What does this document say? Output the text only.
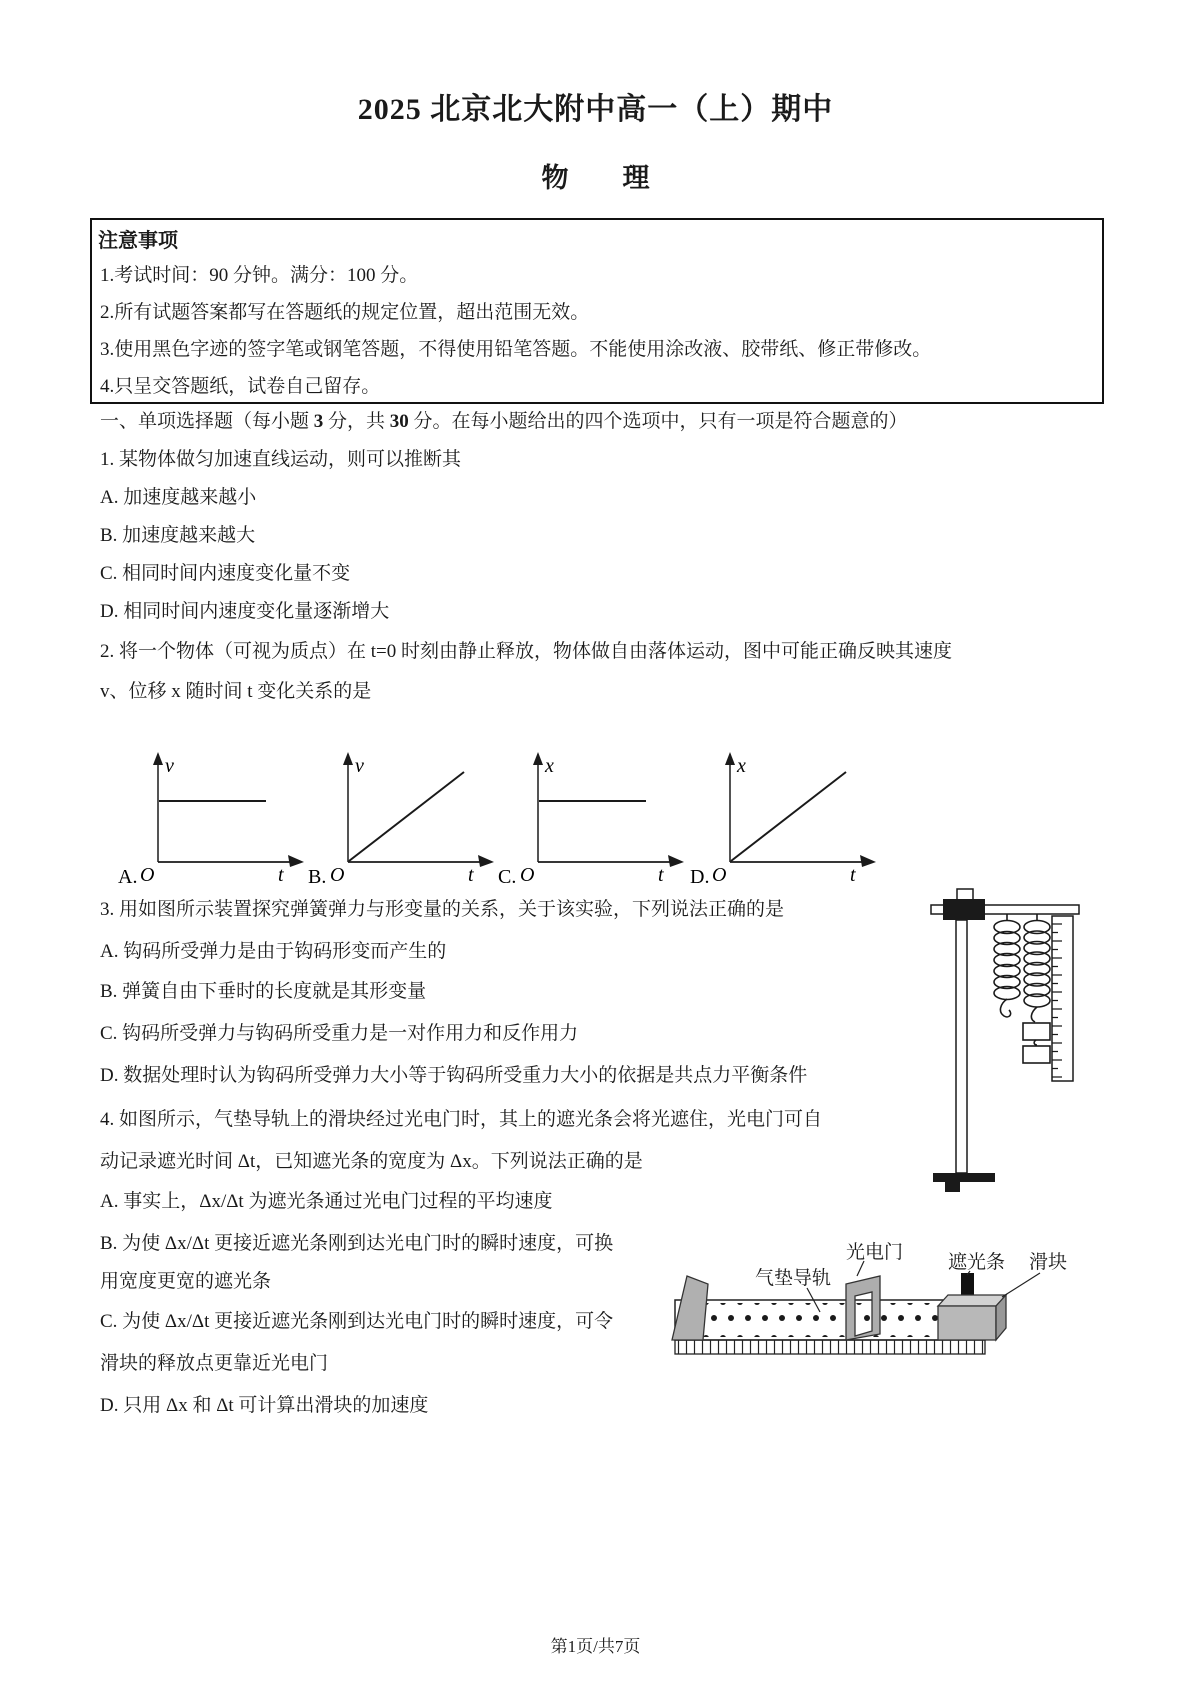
2025 北京北大附中高一（上）期中
物　　理
注意事项
1.考试时间：90 分钟。满分：100 分。
2.所有试题答案都写在答题纸的规定位置，超出范围无效。
3.使用黑色字迹的签字笔或钢笔答题，不得使用铅笔答题。不能使用涂改液、胶带纸、修正带修改。
4.只呈交答题纸，试卷自己留存。
一、单项选择题（每小题 3 分，共 30 分。在每小题给出的四个选项中，只有一项是符合题意的）
1. 某物体做匀加速直线运动，则可以推断其
A. 加速度越来越小
B. 加速度越来越大
C. 相同时间内速度变化量不变
D. 相同时间内速度变化量逐渐增大
2. 将一个物体（可视为质点）在 t=0 时刻由静止释放，物体做自由落体运动，图中可能正确反映其速度
v、位移 x 随时间 t 变化关系的是
v
O	t
A.
v
O	t
B.
x
O	t
C.
x
O	t
D.
3. 用如图所示装置探究弹簧弹力与形变量的关系，关于该实验，下列说法正确的是
A. 钩码所受弹力是由于钩码形变而产生的
B. 弹簧自由下垂时的长度就是其形变量
C. 钩码所受弹力与钩码所受重力是一对作用力和反作用力
D. 数据处理时认为钩码所受弹力大小等于钩码所受重力大小的依据是共点力平衡条件
4. 如图所示，气垫导轨上的滑块经过光电门时，其上的遮光条会将光遮住，光电门可自
动记录遮光时间 Δt，已知遮光条的宽度为 Δx。下列说法正确的是
A. 事实上，Δx/Δt 为遮光条通过光电门过程的平均速度
B. 为使 Δx/Δt 更接近遮光条刚到达光电门时的瞬时速度，可换
用宽度更宽的遮光条
C. 为使 Δx/Δt 更接近遮光条刚到达光电门时的瞬时速度，可令
滑块的释放点更靠近光电门
D. 只用 Δx 和 Δt 可计算出滑块的加速度
气垫导轨
光电门 遮光条 滑块
第1页/共7页
